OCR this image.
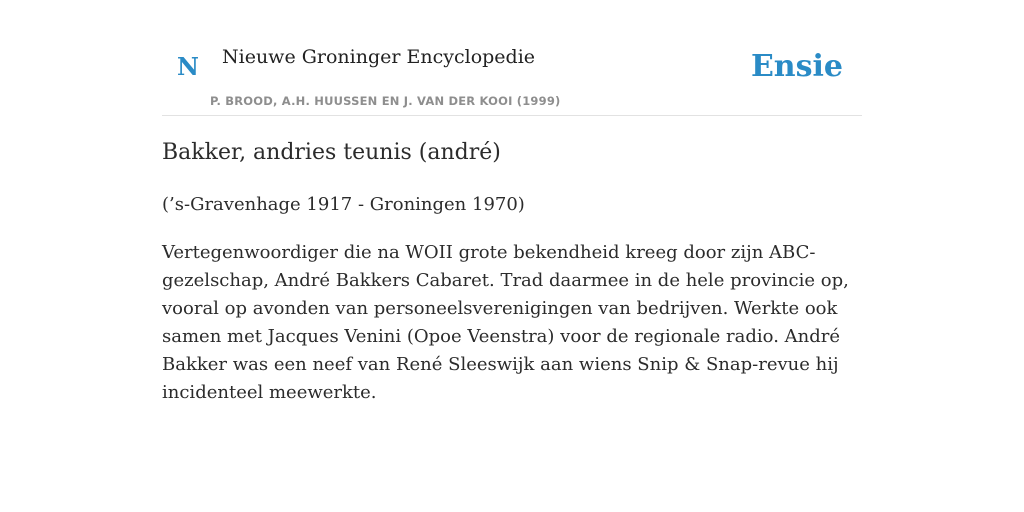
N Nieuwe Groninger Encyclopedie
P. BROOD, A.H. HUUSSEN EN J. VAN DER KOOI (1999)
Ensie
Bakker, andries teunis (andré)

(’s-Gravenhage 1917 - Groningen 1970)

Vertegenwoordiger die na WOII grote bekendheid kreeg door zijn ABC-gezelschap, André Bakkers Cabaret. Trad daarmee in de hele provincie op, vooral op avonden van personeelsverenigingen van bedrijven. Werkte ook samen met Jacques Venini (Opoe Veenstra) voor de regionale radio. André Bakker was een neef van René Sleeswijk aan wiens Snip & Snap-revue hij incidenteel meewerkte.
